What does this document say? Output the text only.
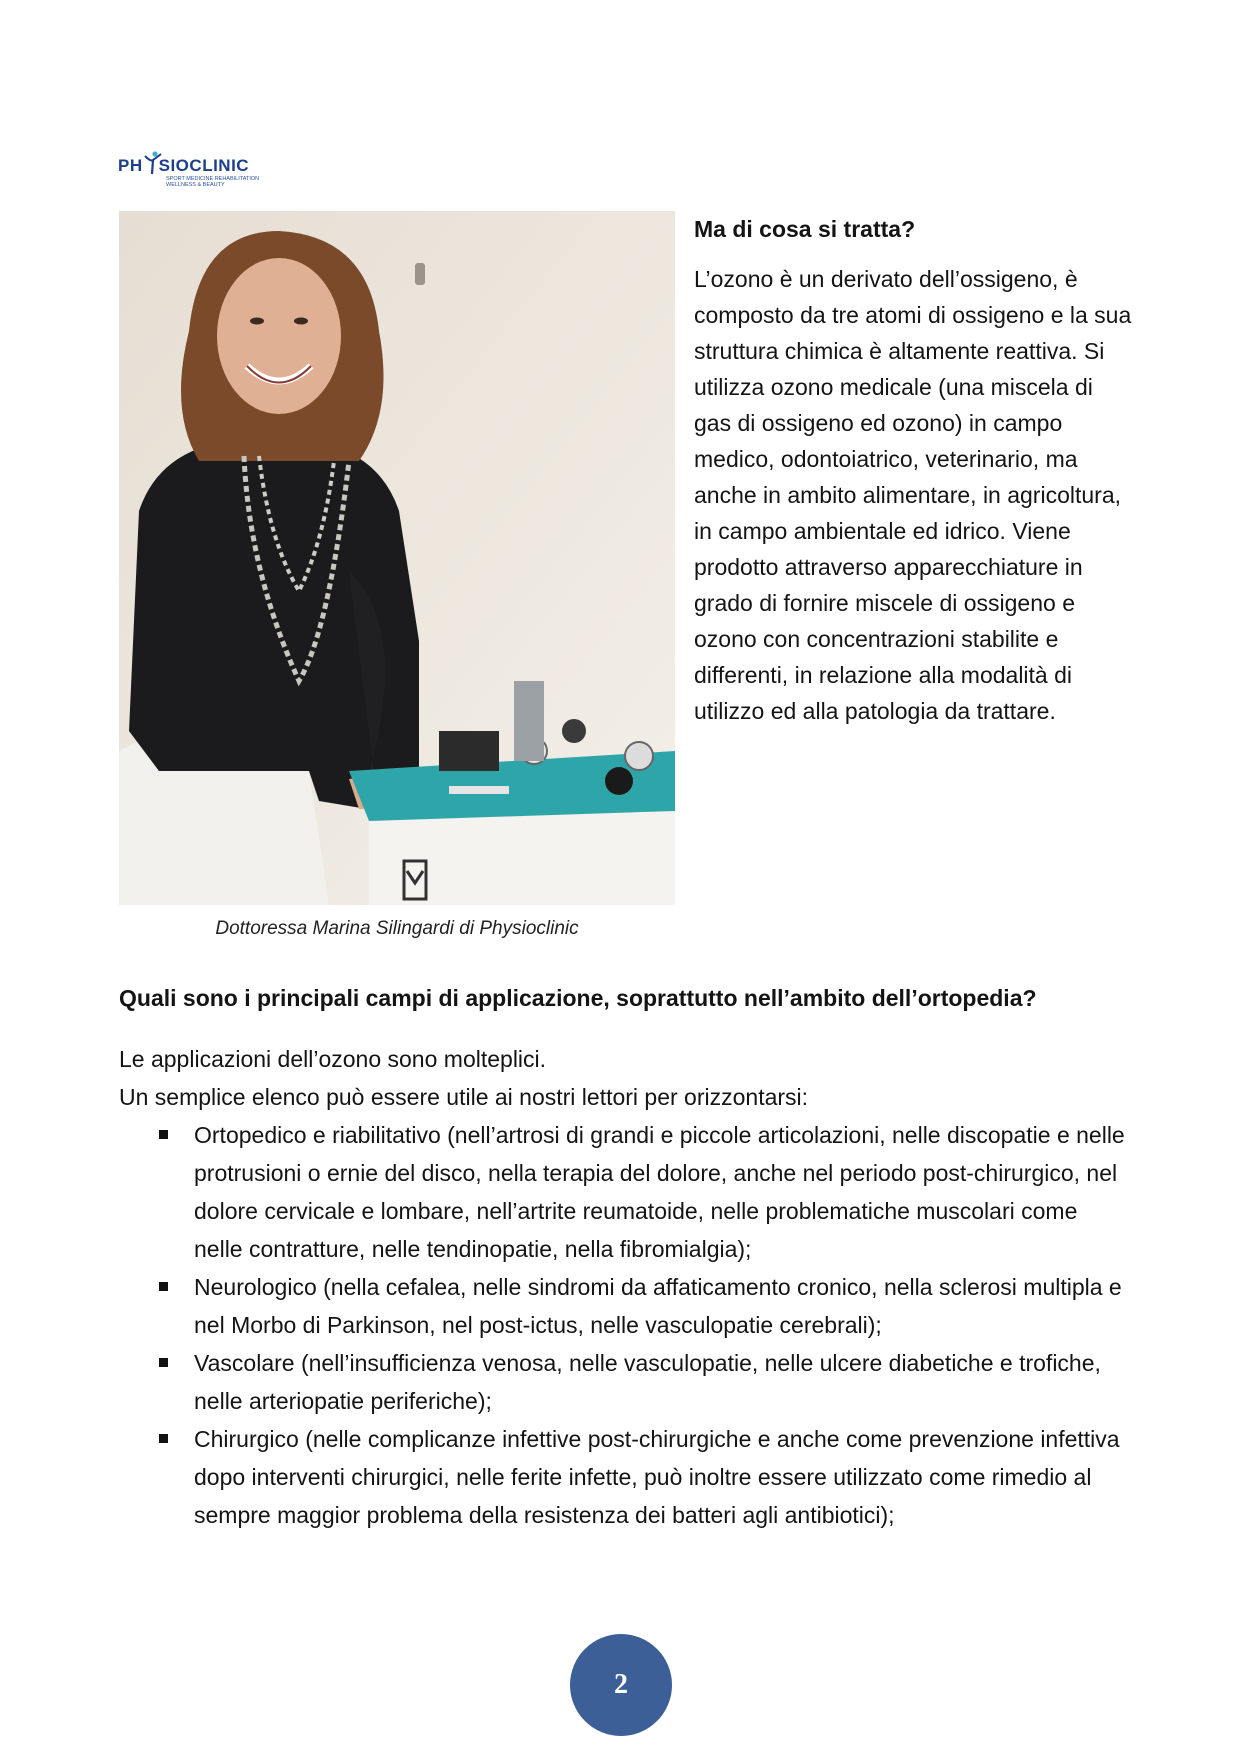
PH SIOCLINIC
SPORT MEDICINE REHABILITATION
WELLNESS & BEAUTY
Dottoressa Marina Silingardi di Physioclinic
Ma di cosa si tratta?

L’ozono è un derivato dell’ossigeno, è composto da tre atomi di ossigeno e la sua struttura chimica è altamente reattiva. Si utilizza ozono medicale (una miscela di gas di ossigeno ed ozono) in campo medico, odontoiatrico, veterinario, ma anche in ambito alimentare, in agricoltura, in campo ambientale ed idrico. Viene prodotto attraverso apparecchiature in grado di fornire miscele di ossigeno e ozono con concentrazioni stabilite e differenti, in relazione alla modalità di utilizzo ed alla patologia da trattare.

Quali sono i principali campi di applicazione, soprattutto nell’ambito dell’ortopedia?

Le applicazioni dell’ozono sono molteplici.

Un semplice elenco può essere utile ai nostri lettori per orizzontarsi:

Ortopedico e riabilitativo (nell’artrosi di grandi e piccole articolazioni, nelle discopatie e nelle protrusioni o ernie del disco, nella terapia del dolore, anche nel periodo post-chirurgico, nel dolore cervicale e lombare, nell’artrite reumatoide, nelle problematiche muscolari come nelle contratture, nelle tendinopatie, nella fibromialgia);
Neurologico (nella cefalea, nelle sindromi da affaticamento cronico, nella sclerosi multipla e nel Morbo di Parkinson, nel post-ictus, nelle vasculopatie cerebrali);
Vascolare (nell’insufficienza venosa, nelle vasculopatie, nelle ulcere diabetiche e trofiche, nelle arteriopatie periferiche);
Chirurgico (nelle complicanze infettive post-chirurgiche e anche come prevenzione infettiva dopo interventi chirurgici, nelle ferite infette, può inoltre essere utilizzato come rimedio al sempre maggior problema della resistenza dei batteri agli antibiotici);
2
